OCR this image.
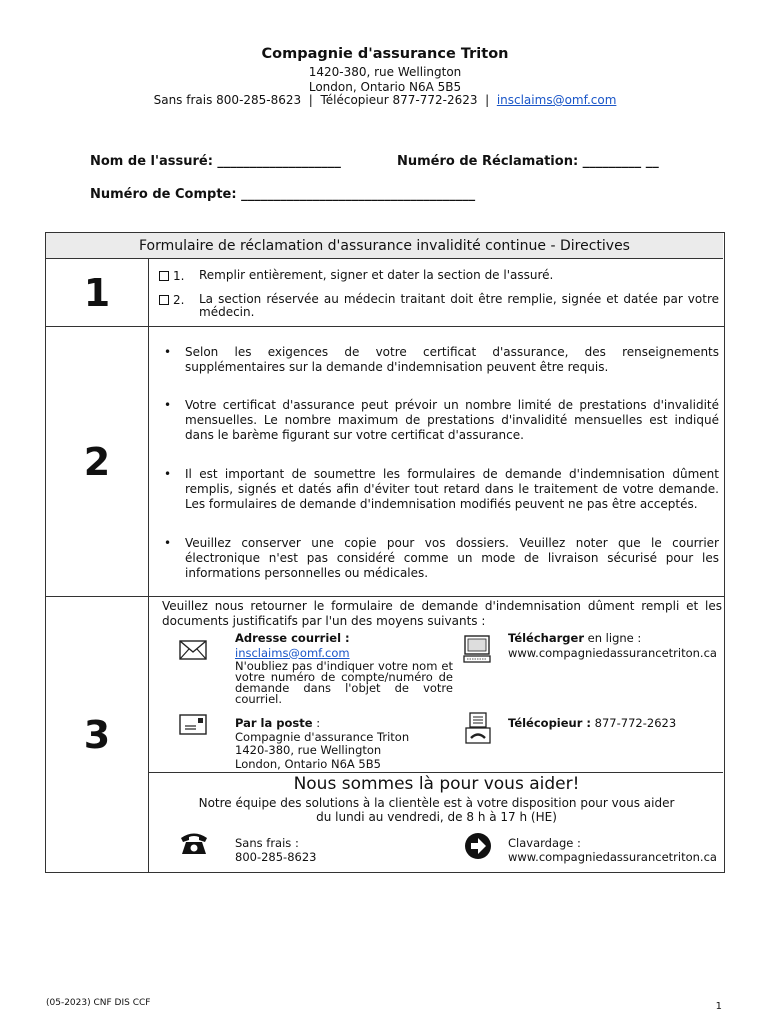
Compagnie d'assurance Triton
1420-380, rue Wellington
London, Ontario N6A 5B5
Sans frais 800-285-8623  |  Télécopieur 877-772-2623  |  insclaims@omf.com
Nom de l'assuré: ___________________	Numéro de Réclamation: _________ __
Numéro de Compte: ____________________________________
Formulaire de réclamation d'assurance invalidité continue - Directives
1	1. Remplir entièrement, signer et dater la section de l'assuré.
2. La section réservée au médecin traitant doit être remplie, signée et datée par votre médecin.
2
• Selon les exigences de votre certificat d'assurance, des renseignements supplémentaires sur la demande d'indemnisation peuvent être requis.
• Votre certificat d'assurance peut prévoir un nombre limité de prestations d'invalidité mensuelles. Le nombre maximum de prestations d'invalidité mensuelles est indiqué dans le barème figurant sur votre certificat d'assurance.
• Il est important de soumettre les formulaires de demande d'indemnisation dûment remplis, signés et datés afin d'éviter tout retard dans le traitement de votre demande. Les formulaires de demande d'indemnisation modifiés peuvent ne pas être acceptés.
• Veuillez conserver une copie pour vos dossiers. Veuillez noter que le courrier électronique n'est pas considéré comme un mode de livraison sécurisé pour les informations personnelles ou médicales.
3
Veuillez nous retourner le formulaire de demande d'indemnisation dûment rempli et les documents justificatifs par l'un des moyens suivants :
Adresse courriel :
insclaims@omf.com

N'oubliez pas d'indiquer votre nom et votre numéro de compte/numéro de demande dans l'objet de votre courriel.
Télécharger en ligne :
www.compagniedassurancetriton.ca
Par la poste :
Compagnie d'assurance Triton
1420-380, rue Wellington
London, Ontario N6A 5B5
Télécopieur : 877-772-2623
Nous sommes là pour vous aider!
Notre équipe des solutions à la clientèle est à votre disposition pour vous aider
du lundi au vendredi, de 8 h à 17 h (HE)
Sans frais :
800-285-8623
Clavardage :
www.compagniedassurancetriton.ca
(05-2023) CNF DIS CCF	1
